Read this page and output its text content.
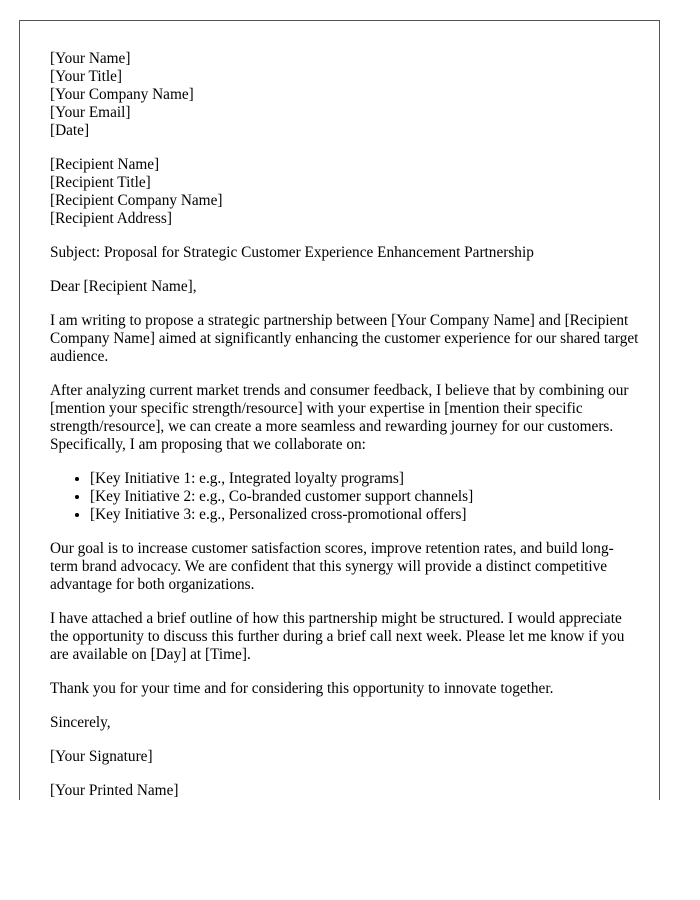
[Your Name]
[Your Title]
[Your Company Name]
[Your Email]
[Date]
[Recipient Name]
[Recipient Title]
[Recipient Company Name]
[Recipient Address]

Subject: Proposal for Strategic Customer Experience Enhancement Partnership

Dear [Recipient Name],

I am writing to propose a strategic partnership between [Your Company Name] and [Recipient Company Name] aimed at significantly enhancing the customer experience for our shared target audience.

After analyzing current market trends and consumer feedback, I believe that by combining our [mention your specific strength/resource] with your expertise in [mention their specific strength/resource], we can create a more seamless and rewarding journey for our customers. Specifically, I am proposing that we collaborate on:

• [Key Initiative 1: e.g., Integrated loyalty programs]
• [Key Initiative 2: e.g., Co-branded customer support channels]
• [Key Initiative 3: e.g., Personalized cross-promotional offers]

Our goal is to increase customer satisfaction scores, improve retention rates, and build long-term brand advocacy. We are confident that this synergy will provide a distinct competitive advantage for both organizations.

I have attached a brief outline of how this partnership might be structured. I would appreciate the opportunity to discuss this further during a brief call next week. Please let me know if you are available on [Day] at [Time].

Thank you for your time and for considering this opportunity to innovate together.

Sincerely,

[Your Signature]

[Your Printed Name]
